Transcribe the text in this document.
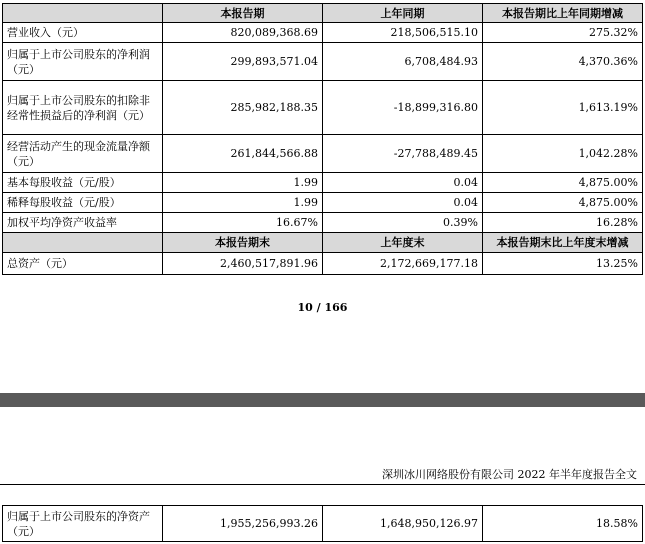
	本报告期	上年同期	本报告期比上年同期增减
营业收入（元）	820,089,368.69	218,506,515.10	275.32%
归属于上市公司股东的净利润（元）	299,893,571.04	6,708,484.93	4,370.36%
归属于上市公司股东的扣除非经常性损益后的净利润（元）	285,982,188.35	-18,899,316.80	1,613.19%
经营活动产生的现金流量净额（元）	261,844,566.88	-27,788,489.45	1,042.28%
基本每股收益（元/股）	1.99	0.04	4,875.00%
稀释每股收益（元/股）	1.99	0.04	4,875.00%
加权平均净资产收益率	16.67%	0.39%	16.28%
	本报告期末	上年度末	本报告期末比上年度末增减
总资产（元）	2,460,517,891.96	2,172,669,177.18	13.25%
10 / 166
深圳冰川网络股份有限公司 2022 年半年度报告全文
归属于上市公司股东的净资产（元）	1,955,256,993.26	1,648,950,126.97	18.58%
